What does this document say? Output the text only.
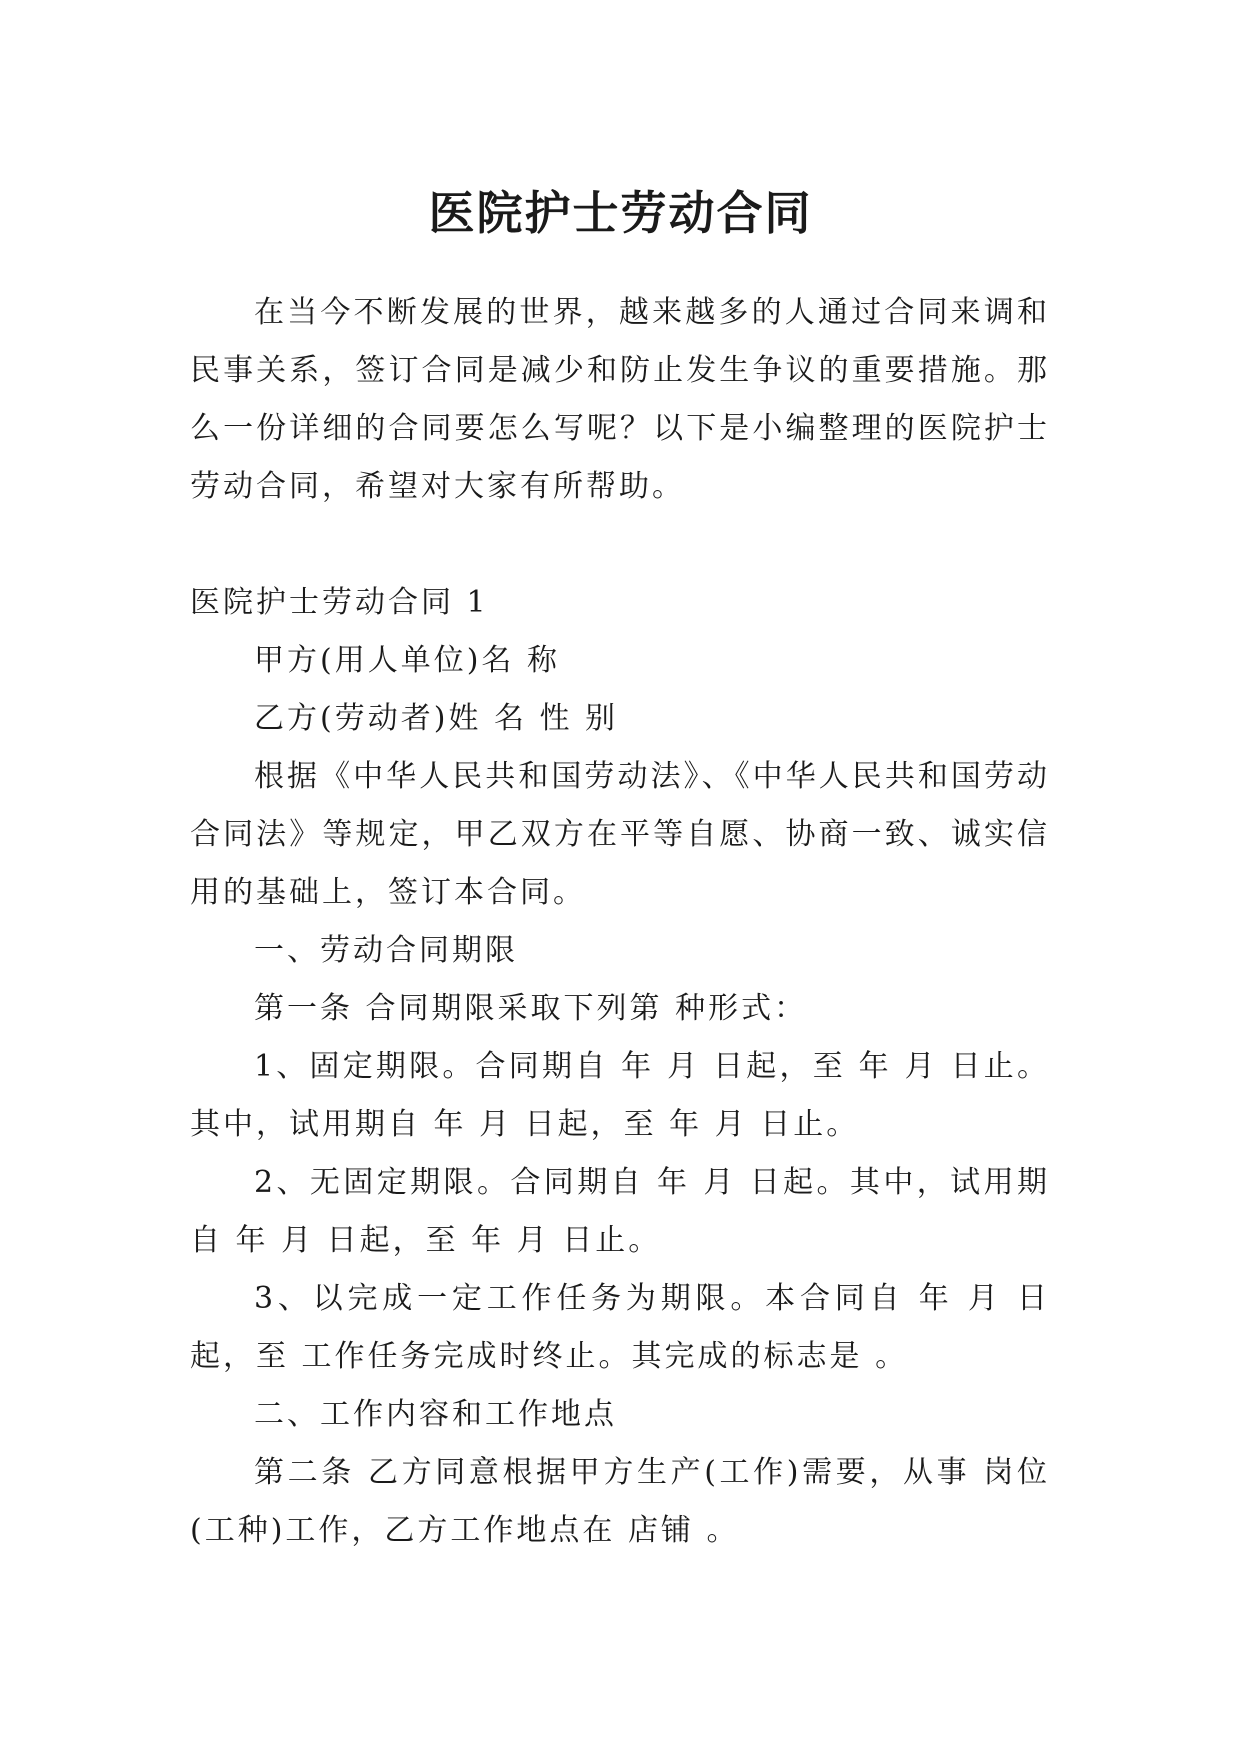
医院护士劳动合同

在当今不断发展的世界，越来越多的人通过合同来调和民事关系，签订合同是减少和防止发生争议的重要措施。那么一份详细的合同要怎么写呢？以下是小编整理的医院护士劳动合同，希望对大家有所帮助。

医院护士劳动合同 1

甲方(用人单位)名 称

乙方(劳动者)姓 名 性 别

根据《中华人民共和国劳动法》、《中华人民共和国劳动合同法》等规定，甲乙双方在平等自愿、协商一致、诚实信用的基础上，签订本合同。

一、劳动合同期限

第一条 合同期限采取下列第 种形式：

1、固定期限。合同期自 年 月 日起，至 年 月 日止。其中，试用期自 年 月 日起，至 年 月 日止。

2、无固定期限。合同期自 年 月 日起。其中，试用期自 年 月 日起，至 年 月 日止。

3、以完成一定工作任务为期限。本合同自 年 月 日起，至 工作任务完成时终止。其完成的标志是 。

二、工作内容和工作地点

第二条 乙方同意根据甲方生产(工作)需要，从事 岗位(工种)工作，乙方工作地点在 店铺 。
